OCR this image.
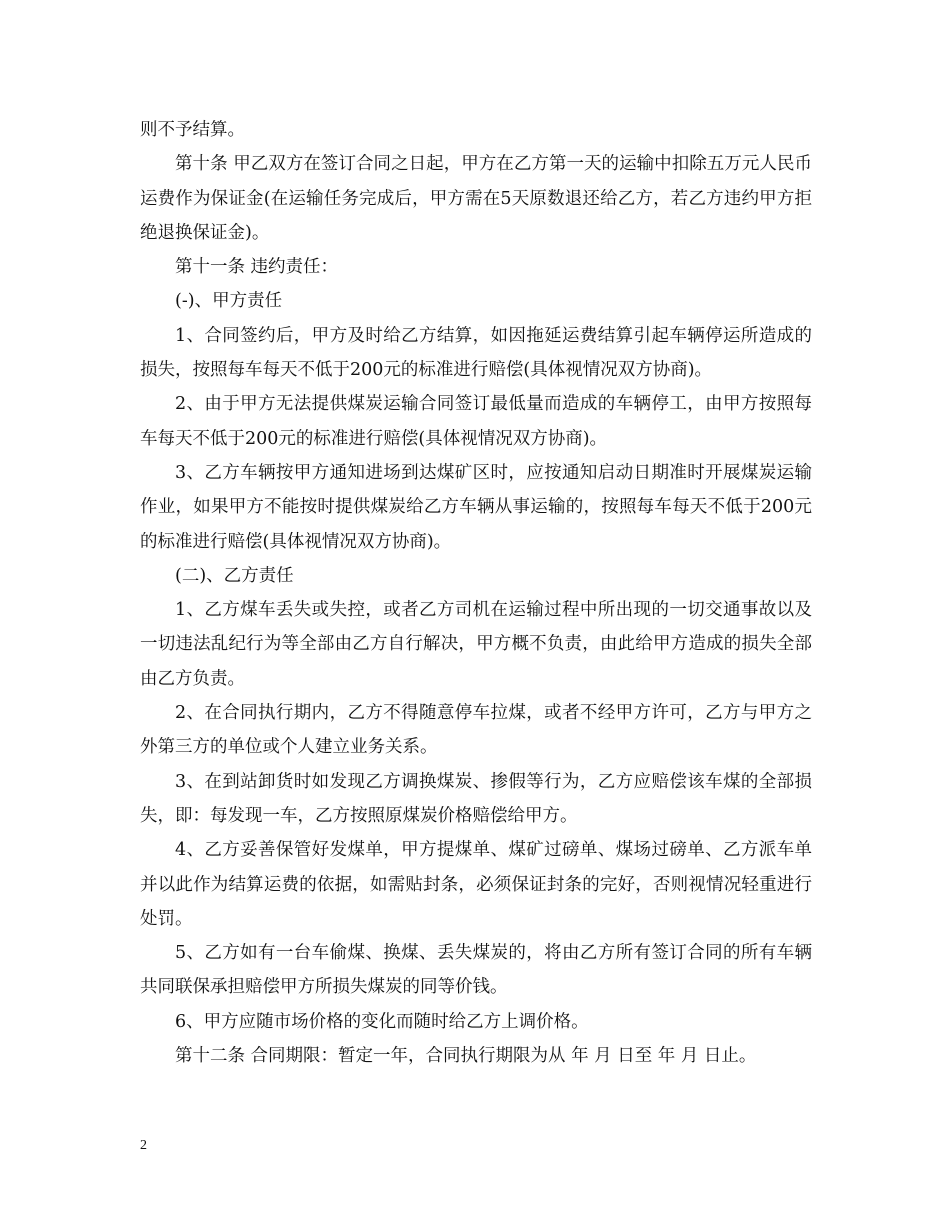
则不予结算。

第十条 甲乙双方在签订合同之日起，甲方在乙方第一天的运输中扣除五万元人民币运费作为保证金(在运输任务完成后，甲方需在5天原数退还给乙方，若乙方违约甲方拒绝退换保证金)。

第十一条 违约责任：

(-)、甲方责任

1、合同签约后，甲方及时给乙方结算，如因拖延运费结算引起车辆停运所造成的损失，按照每车每天不低于200元的标准进行赔偿(具体视情况双方协商)。

2、由于甲方无法提供煤炭运输合同签订最低量而造成的车辆停工，由甲方按照每车每天不低于200元的标准进行赔偿(具体视情况双方协商)。

3、乙方车辆按甲方通知进场到达煤矿区时，应按通知启动日期准时开展煤炭运输作业，如果甲方不能按时提供煤炭给乙方车辆从事运输的，按照每车每天不低于200元的标准进行赔偿(具体视情况双方协商)。

(二)、乙方责任

1、乙方煤车丢失或失控，或者乙方司机在运输过程中所出现的一切交通事故以及一切违法乱纪行为等全部由乙方自行解决，甲方概不负责，由此给甲方造成的损失全部由乙方负责。

2、在合同执行期内，乙方不得随意停车拉煤，或者不经甲方许可，乙方与甲方之外第三方的单位或个人建立业务关系。

3、在到站卸货时如发现乙方调换煤炭、掺假等行为，乙方应赔偿该车煤的全部损失，即：每发现一车，乙方按照原煤炭价格赔偿给甲方。

4、乙方妥善保管好发煤单，甲方提煤单、煤矿过磅单、煤场过磅单、乙方派车单并以此作为结算运费的依据，如需贴封条，必须保证封条的完好，否则视情况轻重进行处罚。

5、乙方如有一台车偷煤、换煤、丢失煤炭的，将由乙方所有签订合同的所有车辆共同联保承担赔偿甲方所损失煤炭的同等价钱。

6、甲方应随市场价格的变化而随时给乙方上调价格。

第十二条 合同期限：暂定一年，合同执行期限为从 年 月 日至 年 月 日止。

2
